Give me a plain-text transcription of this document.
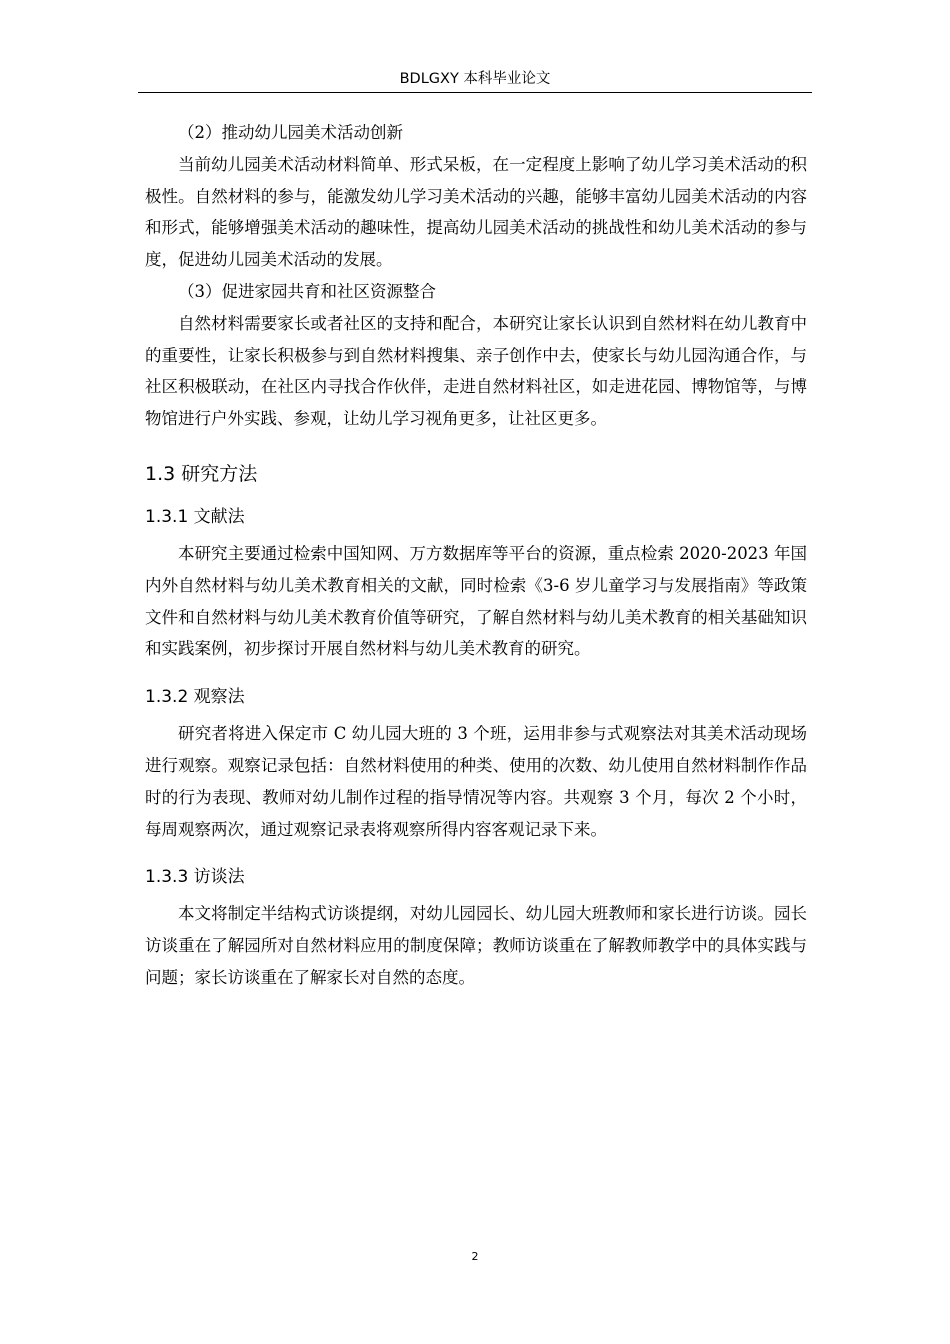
BDLGXY 本科毕业论文

（2）推动幼儿园美术活动创新

当前幼儿园美术活动材料简单、形式呆板，在一定程度上影响了幼儿学习美术活动的积极性。自然材料的参与，能激发幼儿学习美术活动的兴趣，能够丰富幼儿园美术活动的内容和形式，能够增强美术活动的趣味性，提高幼儿园美术活动的挑战性和幼儿美术活动的参与度，促进幼儿园美术活动的发展。

（3）促进家园共育和社区资源整合

自然材料需要家长或者社区的支持和配合，本研究让家长认识到自然材料在幼儿教育中的重要性，让家长积极参与到自然材料搜集、亲子创作中去，使家长与幼儿园沟通合作，与社区积极联动，在社区内寻找合作伙伴，走进自然材料社区，如走进花园、博物馆等，与博物馆进行户外实践、参观，让幼儿学习视角更多，让社区更多。

1.3 研究方法
1.3.1 文献法

本研究主要通过检索中国知网、万方数据库等平台的资源，重点检索 2020-2023 年国内外自然材料与幼儿美术教育相关的文献，同时检索《3-6 岁儿童学习与发展指南》等政策文件和自然材料与幼儿美术教育价值等研究，了解自然材料与幼儿美术教育的相关基础知识和实践案例，初步探讨开展自然材料与幼儿美术教育的研究。

1.3.2 观察法

研究者将进入保定市 C 幼儿园大班的 3 个班，运用非参与式观察法对其美术活动现场进行观察。观察记录包括：自然材料使用的种类、使用的次数、幼儿使用自然材料制作作品时的行为表现、教师对幼儿制作过程的指导情况等内容。共观察 3 个月，每次 2 个小时，每周观察两次，通过观察记录表将观察所得内容客观记录下来。

1.3.3 访谈法

本文将制定半结构式访谈提纲，对幼儿园园长、幼儿园大班教师和家长进行访谈。园长访谈重在了解园所对自然材料应用的制度保障；教师访谈重在了解教师教学中的具体实践与问题；家长访谈重在了解家长对自然的态度。

2
